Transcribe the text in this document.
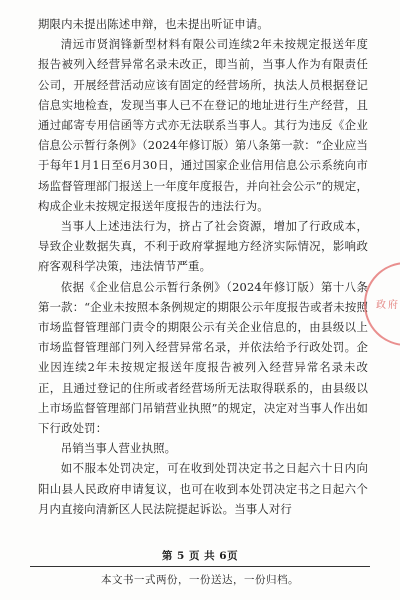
期限内未提出陈述申辩，也未提出听证申请。

清远市贤润锋新型材料有限公司连续2年未按规定报送年度报告被列入经营异常名录未改正，即当前，当事人作为有限责任公司，开展经营活动应该有固定的经营场所，执法人员根据登记信息实地检查，发现当事人已不在登记的地址进行生产经营，且通过邮寄专用信函等方式亦无法联系当事人。其行为违反《企业信息公示暂行条例》（2024年修订版）第八条第一款：“企业应当于每年1月1日至6月30日，通过国家企业信用信息公示系统向市场监督管理部门报送上一年度年度报告，并向社会公示”的规定，构成企业未按规定报送年度报告的违法行为。

当事人上述违法行为，挤占了社会资源，增加了行政成本，导致企业数据失真，不利于政府掌握地方经济实际情况，影响政府客观科学决策，违法情节严重。

依据《企业信息公示暂行条例》（2024年修订版）第十八条第一款：“企业未按照本条例规定的期限公示年度报告或者未按照市场监督管理部门责令的期限公示有关企业信息的，由县级以上市场监督管理部门列入经营异常名录，并依法给予行政处罚。企业因连续2年未按规定报送年度报告被列入经营异常名录未改正，且通过登记的住所或者经营场所无法取得联系的，由县级以上市场监督管理部门吊销营业执照”的规定，决定对当事人作出如下行政处罚：

吊销当事人营业执照。

如不服本处罚决定，可在收到处罚决定书之日起六十日内向阳山县人民政府申请复议，也可在收到本处罚决定书之日起六个月内直接向清新区人民法院提起诉讼。当事人对行

政府
第 5 页 共 6页
本文书一式两份，一份送达，一份归档。
